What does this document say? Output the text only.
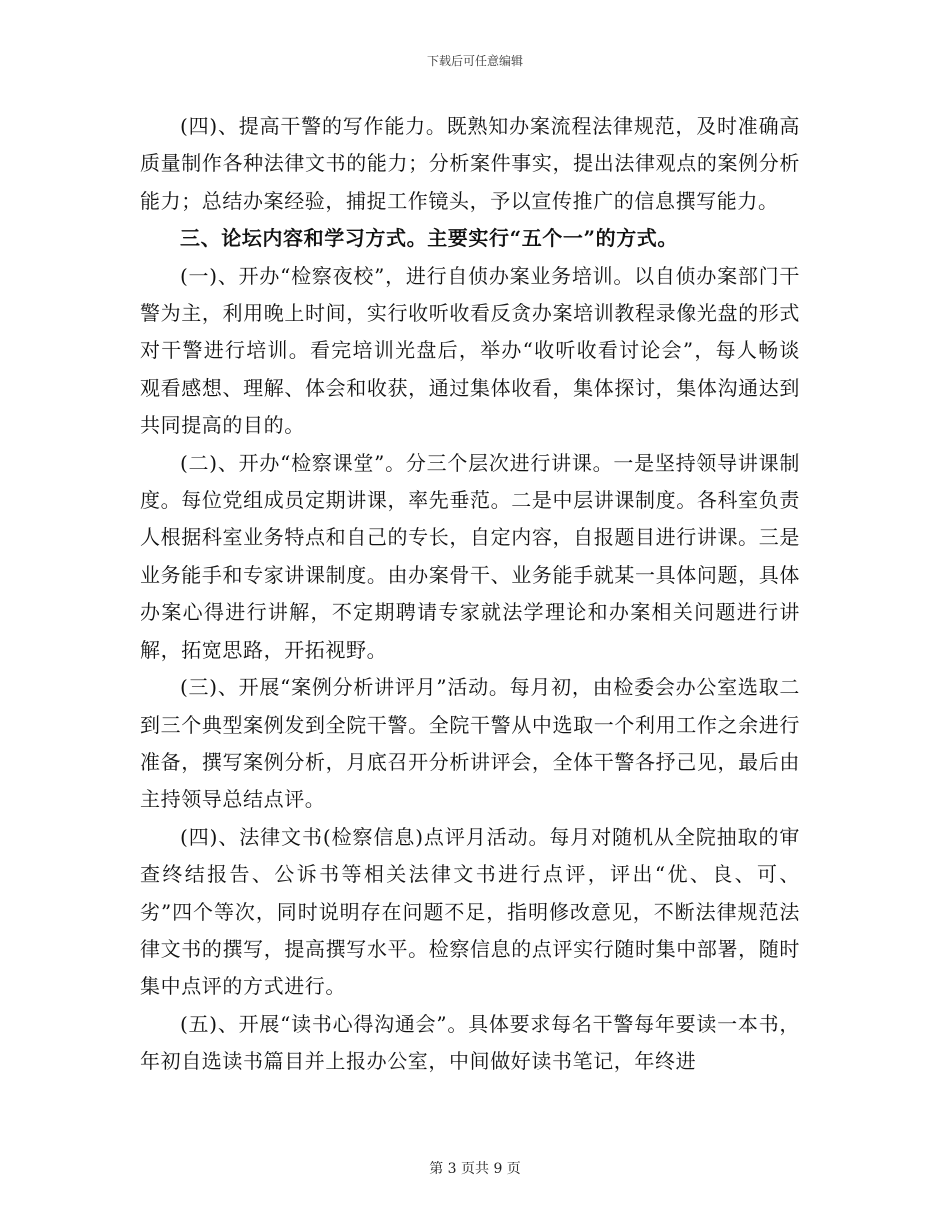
下载后可任意编辑

(四)、提高干警的写作能力。既熟知办案流程法律规范，及时准确高质量制作各种法律文书的能力；分析案件事实，提出法律观点的案例分析能力；总结办案经验，捕捉工作镜头，予以宣传推广的信息撰写能力。

三、论坛内容和学习方式。主要实行“五个一”的方式。

(一)、开办“检察夜校”，进行自侦办案业务培训。以自侦办案部门干警为主，利用晚上时间，实行收听收看反贪办案培训教程录像光盘的形式对干警进行培训。看完培训光盘后，举办“收听收看讨论会”，每人畅谈观看感想、理解、体会和收获，通过集体收看，集体探讨，集体沟通达到共同提高的目的。

(二)、开办“检察课堂”。分三个层次进行讲课。一是坚持领导讲课制度。每位党组成员定期讲课，率先垂范。二是中层讲课制度。各科室负责人根据科室业务特点和自己的专长，自定内容，自报题目进行讲课。三是业务能手和专家讲课制度。由办案骨干、业务能手就某一具体问题，具体办案心得进行讲解，不定期聘请专家就法学理论和办案相关问题进行讲解，拓宽思路，开拓视野。

(三)、开展“案例分析讲评月”活动。每月初，由检委会办公室选取二到三个典型案例发到全院干警。全院干警从中选取一个利用工作之余进行准备，撰写案例分析，月底召开分析讲评会，全体干警各抒己见，最后由主持领导总结点评。

(四)、法律文书(检察信息)点评月活动。每月对随机从全院抽取的审查终结报告、公诉书等相关法律文书进行点评，评出“优、良、可、劣”四个等次，同时说明存在问题不足，指明修改意见，不断法律规范法律文书的撰写，提高撰写水平。检察信息的点评实行随时集中部署，随时集中点评的方式进行。

(五)、开展“读书心得沟通会”。具体要求每名干警每年要读一本书，年初自选读书篇目并上报办公室，中间做好读书笔记，年终进

第 3 页共 9 页
